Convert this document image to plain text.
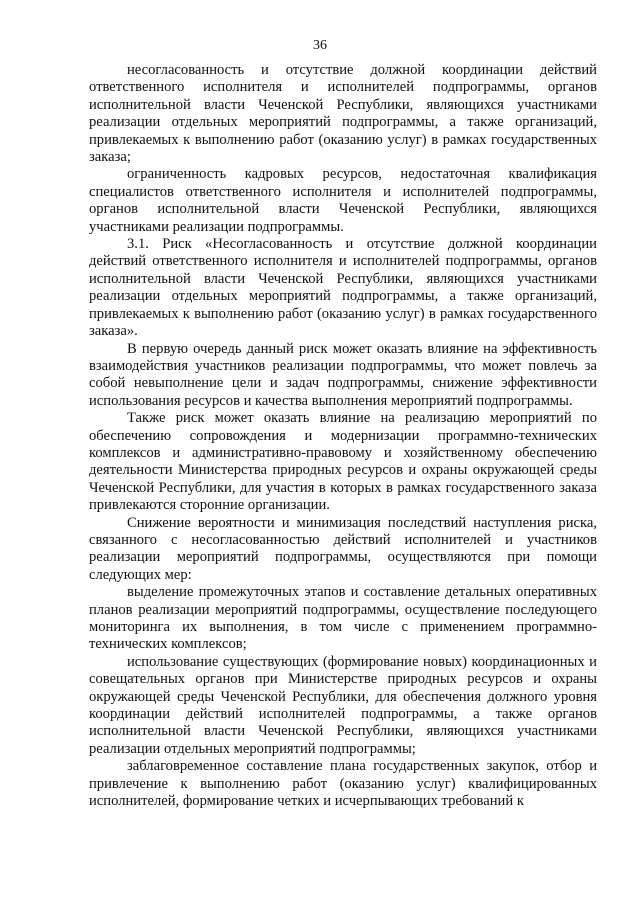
36

несогласованность и отсутствие должной координации действий ответственного исполнителя и исполнителей подпрограммы, органов исполнительной власти Чеченской Республики, являющихся участниками реализации отдельных мероприятий подпрограммы, а также организаций, привлекаемых к выполнению работ (оказанию услуг) в рамках государственных заказа;

ограниченность кадровых ресурсов, недостаточная квалификация специалистов ответственного исполнителя и исполнителей подпрограммы, органов исполнительной власти Чеченской Республики, являющихся участниками реализации подпрограммы.

3.1. Риск «Несогласованность и отсутствие должной координации действий ответственного исполнителя и исполнителей подпрограммы, органов исполнительной власти Чеченской Республики, являющихся участниками реализации отдельных мероприятий подпрограммы, а также организаций, привлекаемых к выполнению работ (оказанию услуг) в рамках государственного заказа».

В первую очередь данный риск может оказать влияние на эффективность взаимодействия участников реализации подпрограммы, что может повлечь за собой невыполнение цели и задач подпрограммы, снижение эффективности использования ресурсов и качества выполнения мероприятий подпрограммы.

Также риск может оказать влияние на реализацию мероприятий по обеспечению сопровождения и модернизации программно-технических комплексов и административно-правовому и хозяйственному обеспечению деятельности Министерства природных ресурсов и охраны окружающей среды Чеченской Республики, для участия в которых в рамках государственного заказа привлекаются сторонние организации.

Снижение вероятности и минимизация последствий наступления риска, связанного с несогласованностью действий исполнителей и участников реализации мероприятий подпрограммы, осуществляются при помощи следующих мер:

выделение промежуточных этапов и составление детальных оперативных планов реализации мероприятий подпрограммы, осуществление последующего мониторинга их выполнения, в том числе с применением программно-технических комплексов;

использование существующих (формирование новых) координационных и совещательных органов при Министерстве природных ресурсов и охраны окружающей среды Чеченской Республики, для обеспечения должного уровня координации действий исполнителей подпрограммы, а также органов исполнительной власти Чеченской Республики, являющихся участниками реализации отдельных мероприятий подпрограммы;

заблаговременное составление плана государственных закупок, отбор и привлечение к выполнению работ (оказанию услуг) квалифицированных исполнителей, формирование четких и исчерпывающих требований к
